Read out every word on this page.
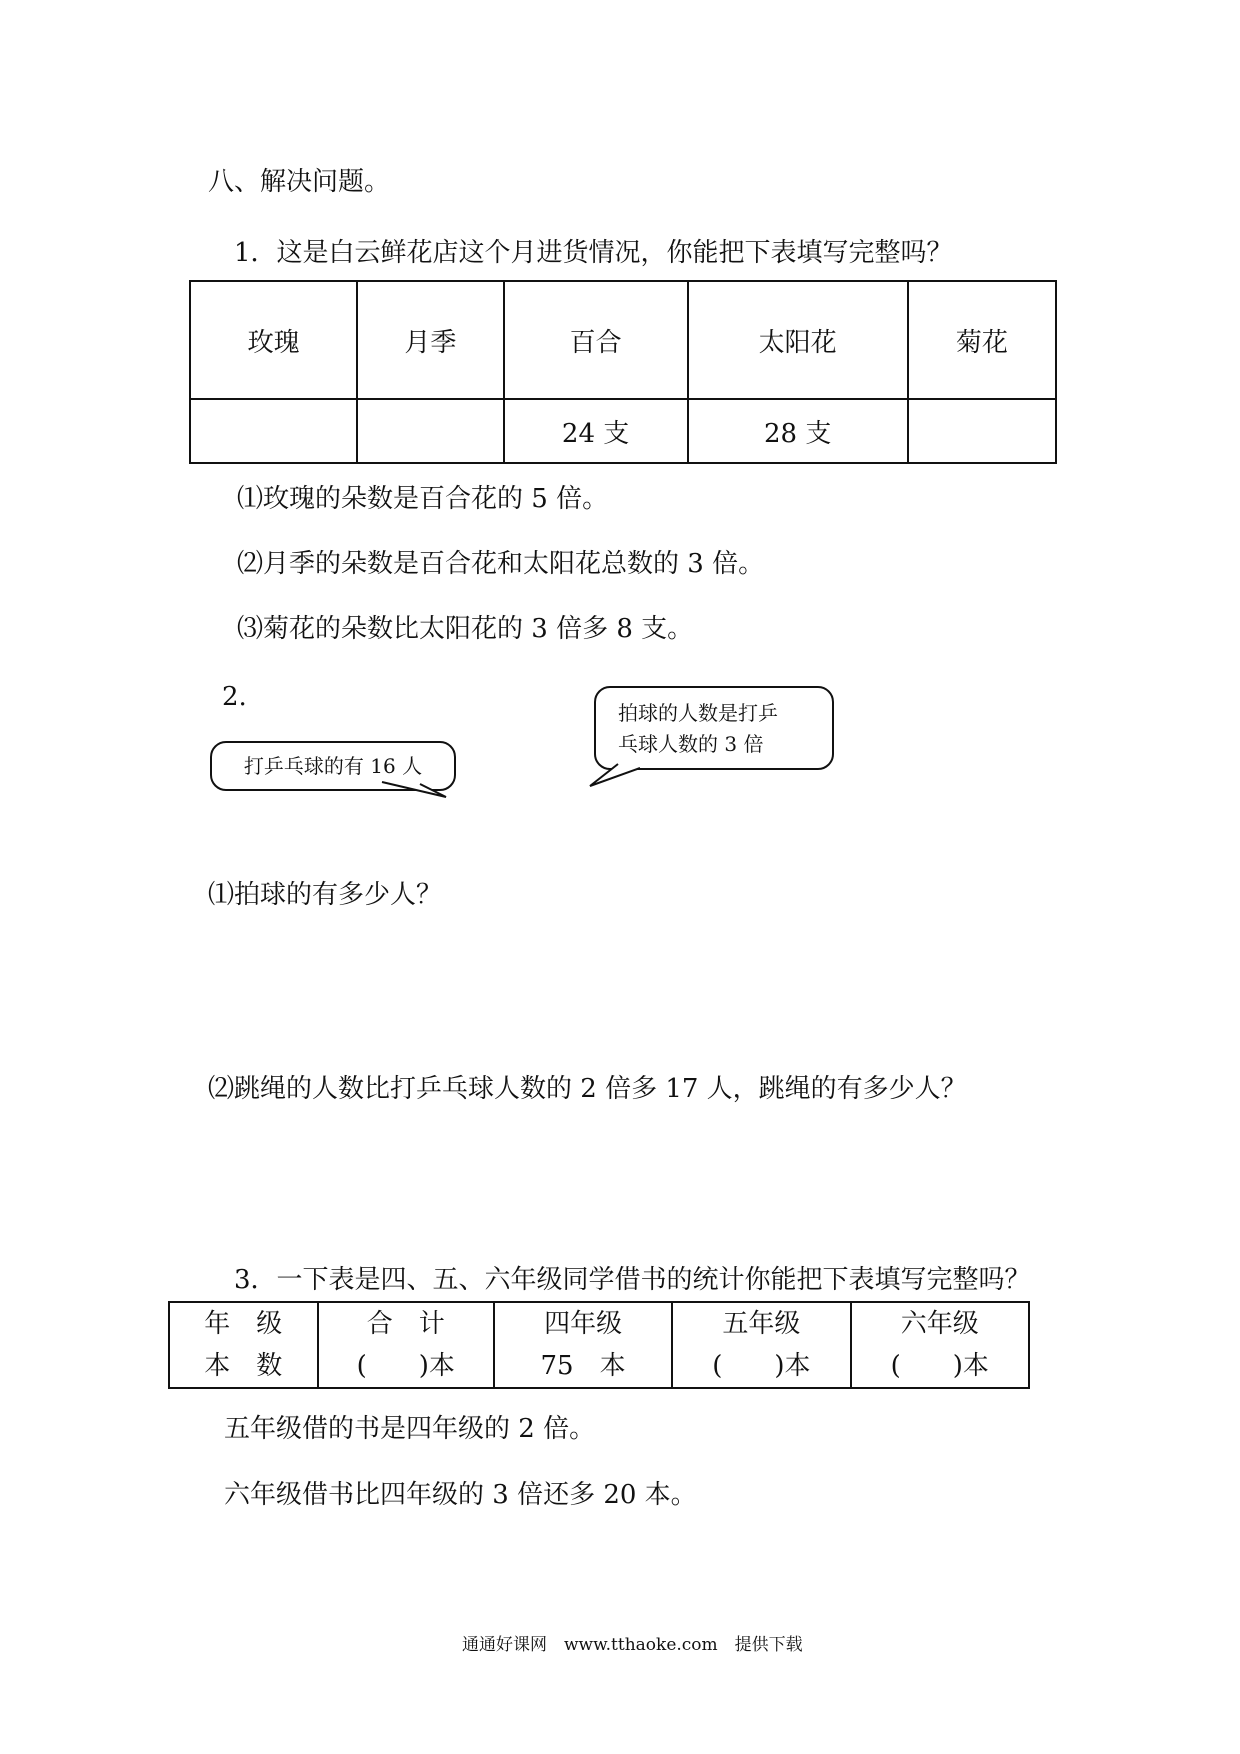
八、解决问题。
1．这是白云鲜花店这个月进货情况，你能把下表填写完整吗？
玫瑰	月季	百合	太阳花	菊花
		24 支	28 支	
⑴玫瑰的朵数是百合花的 5 倍。
⑵月季的朵数是百合花和太阳花总数的 3 倍。
⑶菊花的朵数比太阳花的 3 倍多 8 支。
2.
打乒乓球的有 16 人
拍球的人数是打乒
乓球人数的 3 倍
⑴拍球的有多少人？
⑵跳绳的人数比打乒乓球人数的 2 倍多 17 人，跳绳的有多少人？
3．一下表是四、五、六年级同学借书的统计你能把下表填写完整吗？
年　级	合　计	四年级	五年级	六年级
本　数	(　　)本	75　本	(　　)本	(　　)本
五年级借的书是四年级的 2 倍。
六年级借书比四年级的 3 倍还多 20 本。
通通好课网　www.tthaoke.com　提供下载
